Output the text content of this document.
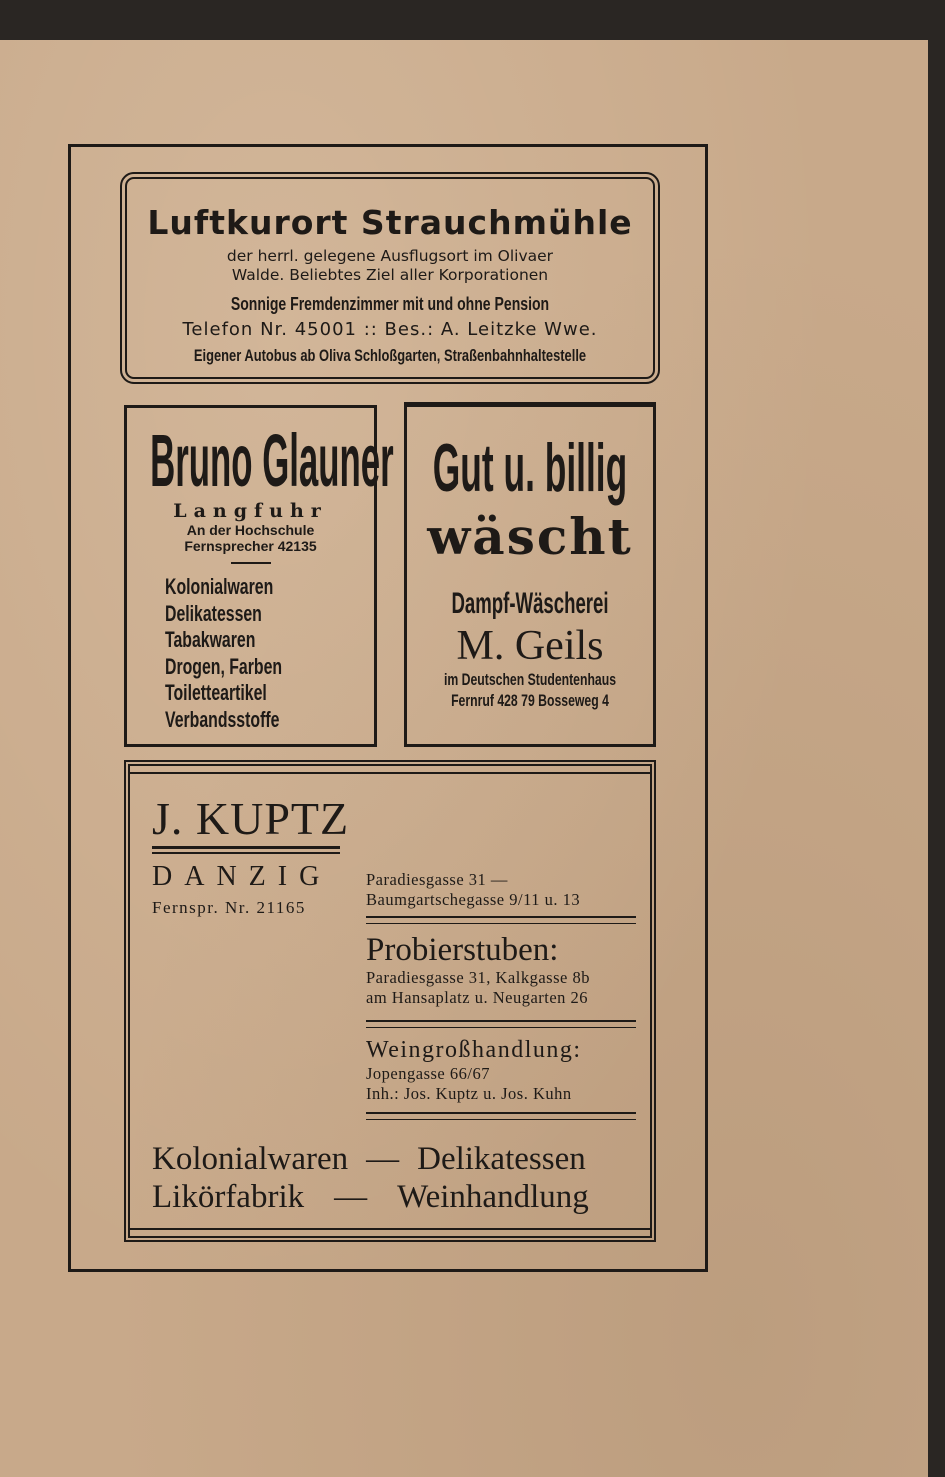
Luftkurort Strauchmühle
der herrl. gelegene Ausflugsort im Olivaer
Walde. Beliebtes Ziel aller Korporationen
Sonnige Fremdenzimmer mit und ohne Pension
Telefon Nr. 45001 :: Bes.: A. Leitzke Wwe.
Eigener Autobus ab Oliva Schloßgarten, Straßenbahnhaltestelle
Bruno Glauner
Langfuhr
An der Hochschule
Fernsprecher 42135
Kolonialwaren
Delikatessen
Tabakwaren
Drogen, Farben
Toiletteartikel
Verbandsstoffe
Gut u. billig
wäscht
Dampf-Wäscherei
M. Geils
im Deutschen Studentenhaus
Fernruf 428 79 Bosseweg 4
J. KUPTZ
DANZIG
Fernspr. Nr. 21165
Paradiesgasse 31 —
Baumgartschegasse 9/11 u. 13
Probierstuben:
Paradiesgasse 31, Kalkgasse 8b
am Hansaplatz u. Neugarten 26
Weingroßhandlung:
Jopengasse 66/67
Inh.: Jos. Kuptz u. Jos. Kuhn
Kolonialwaren — Delikatessen
Likörfabrik — Weinhandlung
